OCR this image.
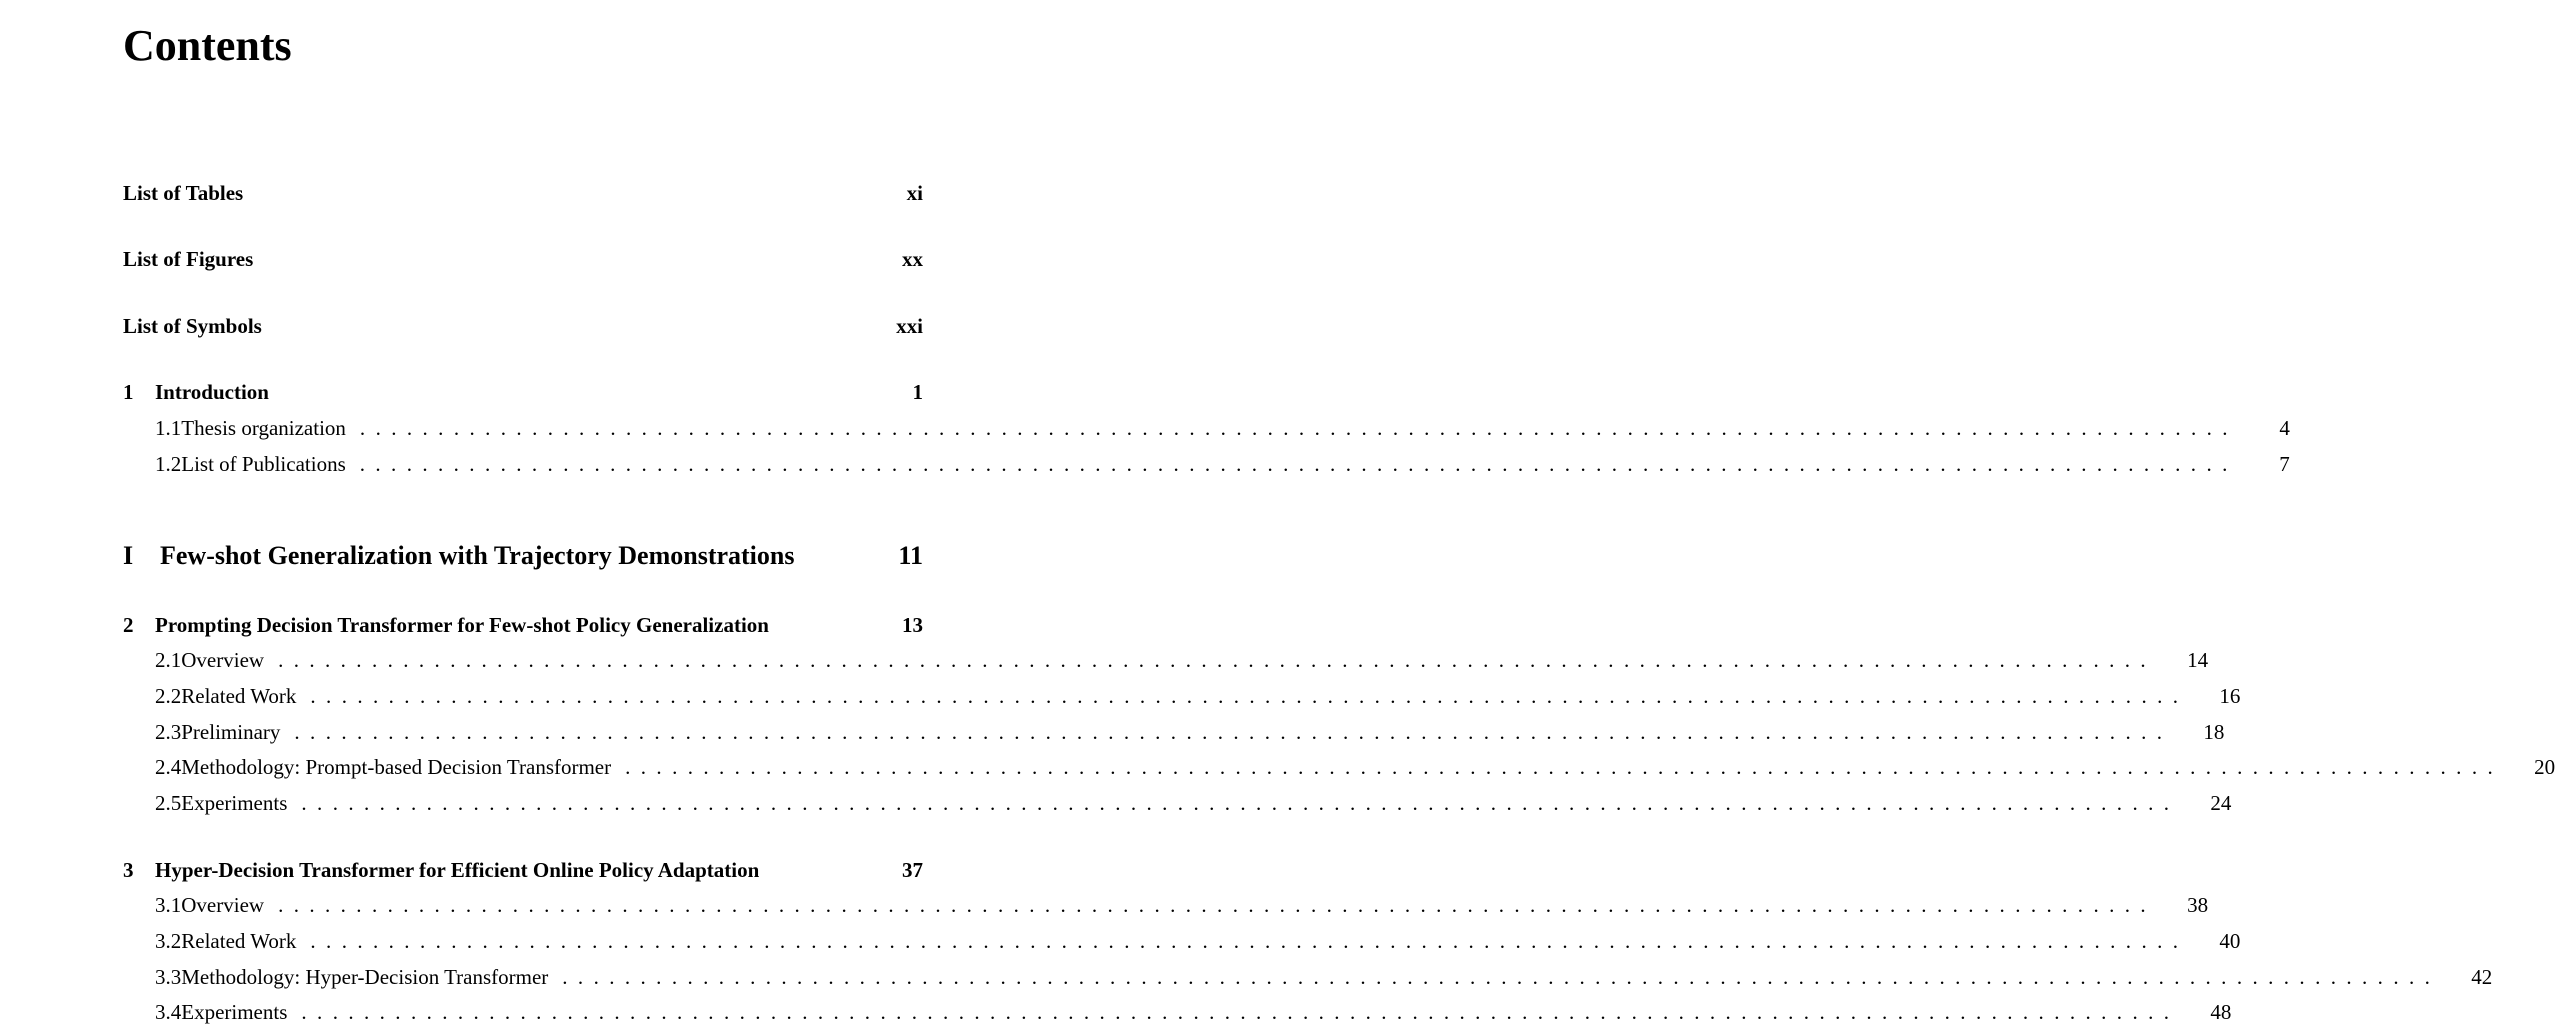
Contents
List of Tables	xi
List of Figures	xx
List of Symbols	xxi
1	Introduction	1
1.1 Thesis organization ........................................................................................................................	4
1.2 List of Publications ........................................................................................................................	7
I	Few-shot Generalization with Trajectory Demonstrations	11
2	Prompting Decision Transformer for Few-shot Policy Generalization	13
2.1 Overview ........................................................................................................................	14
2.2 Related Work ........................................................................................................................	16
2.3 Preliminary ........................................................................................................................	18
2.4 Methodology: Prompt-based Decision Transformer ........................................................................................................................	20
2.5 Experiments ........................................................................................................................	24
3	Hyper-Decision Transformer for Efficient Online Policy Adaptation	37
3.1 Overview ........................................................................................................................	38
3.2 Related Work ........................................................................................................................	40
3.3 Methodology: Hyper-Decision Transformer ........................................................................................................................	42
3.4 Experiments ........................................................................................................................	48
